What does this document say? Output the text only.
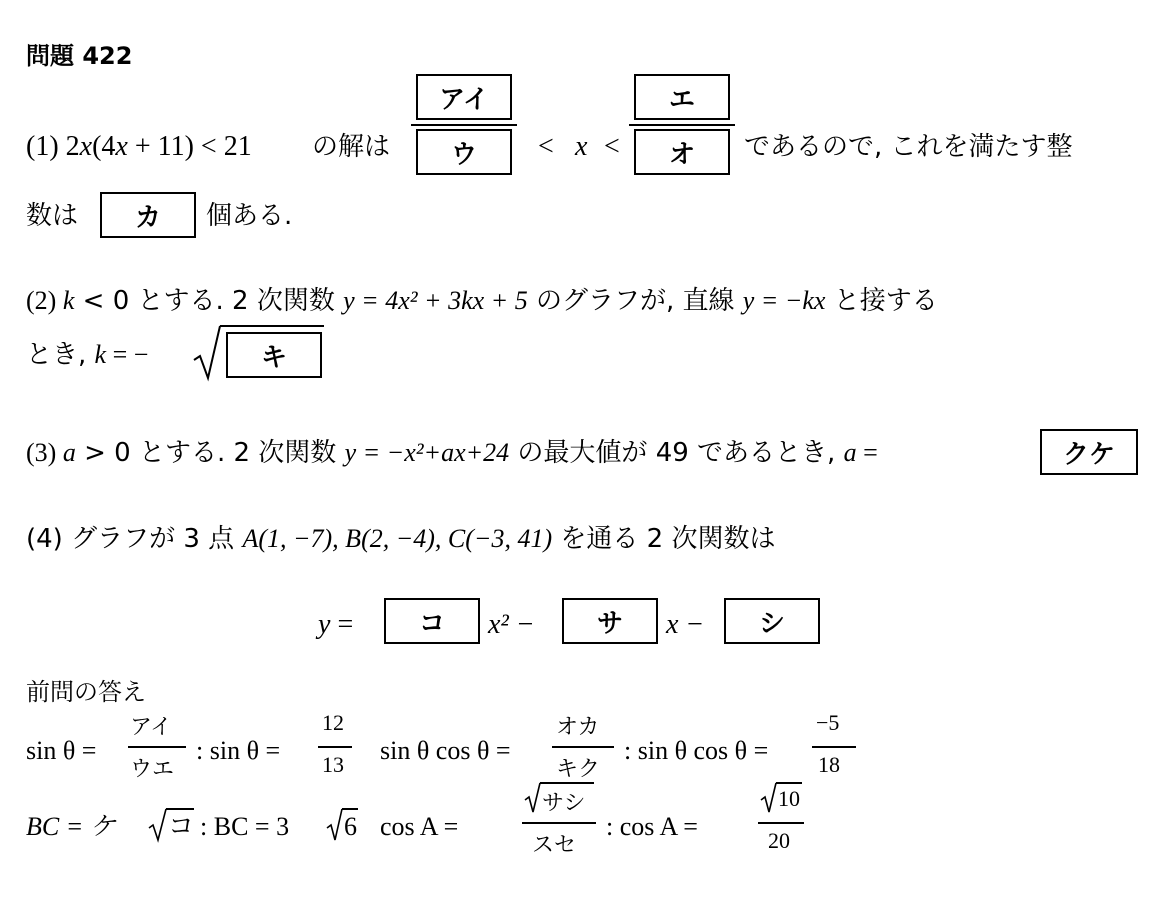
問題 422
(1) 2x(4x + 11) < 21 の解は
アイ
ウ	< x <
エ
オ	であるので, これを満たす整
数は	カ	個ある.
(2) k < 0 とする. 2 次関数 y = 4x² + 3kx + 5 のグラフが, 直線 y = −kx と接する
とき, k = −	キ
(3) a > 0 とする. 2 次関数 y = −x²+ax+24 の最大値が 49 であるとき, a =	クケ
(4) グラフが 3 点 A(1, −7), B(2, −4), C(−3, 41) を通る 2 次関数は
y =	コ	x² −	サ	x −	シ
前問の答え
sin θ =
アイ
ウエ
: sin θ =
12
13 sin θ cos θ =
オカ
キク
: sin θ cos θ =
−5
18
BC = ケ コ : BC = 3 6 cos A =
サシ
スセ
: cos A =
10
20
